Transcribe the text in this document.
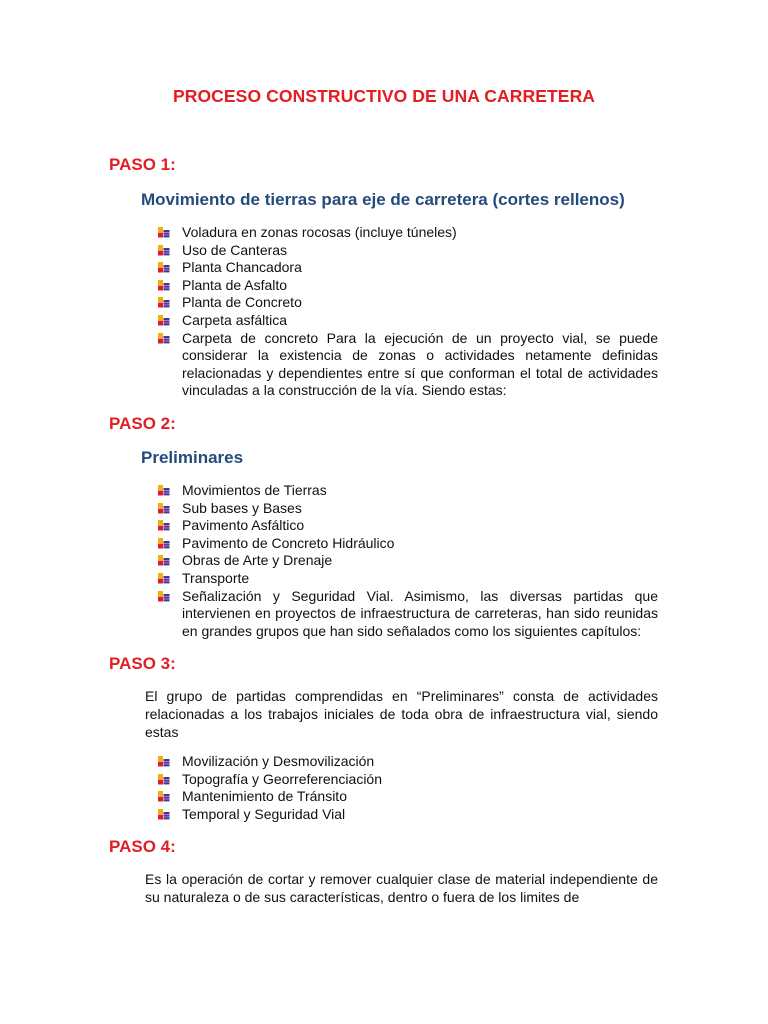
PROCESO CONSTRUCTIVO DE UNA CARRETERA
PASO 1:
Movimiento de tierras para eje de carretera (cortes rellenos)
Voladura en zonas rocosas (incluye túneles)
Uso de Canteras
Planta Chancadora
Planta de Asfalto
Planta de Concreto
Carpeta asfáltica
Carpeta de concreto Para la ejecución de un proyecto vial, se puede considerar la existencia de zonas o actividades netamente definidas relacionadas y dependientes entre sí que conforman el total de actividades vinculadas a la construcción de la vía. Siendo estas:
PASO 2:
Preliminares
Movimientos de Tierras
Sub bases y Bases
Pavimento Asfáltico
Pavimento de Concreto Hidráulico
Obras de Arte y Drenaje
Transporte
Señalización y Seguridad Vial. Asimismo, las diversas partidas que intervienen en proyectos de infraestructura de carreteras, han sido reunidas en grandes grupos que han sido señalados como los siguientes capítulos:
PASO 3:

El grupo de partidas comprendidas en “Preliminares” consta de actividades relacionadas a los trabajos iniciales de toda obra de infraestructura vial, siendo estas

Movilización y Desmovilización
Topografía y Georreferenciación
Mantenimiento de Tránsito
Temporal y Seguridad Vial
PASO 4:

Es la operación de cortar y remover cualquier clase de material independiente de su naturaleza o de sus características, dentro o fuera de los limites de
